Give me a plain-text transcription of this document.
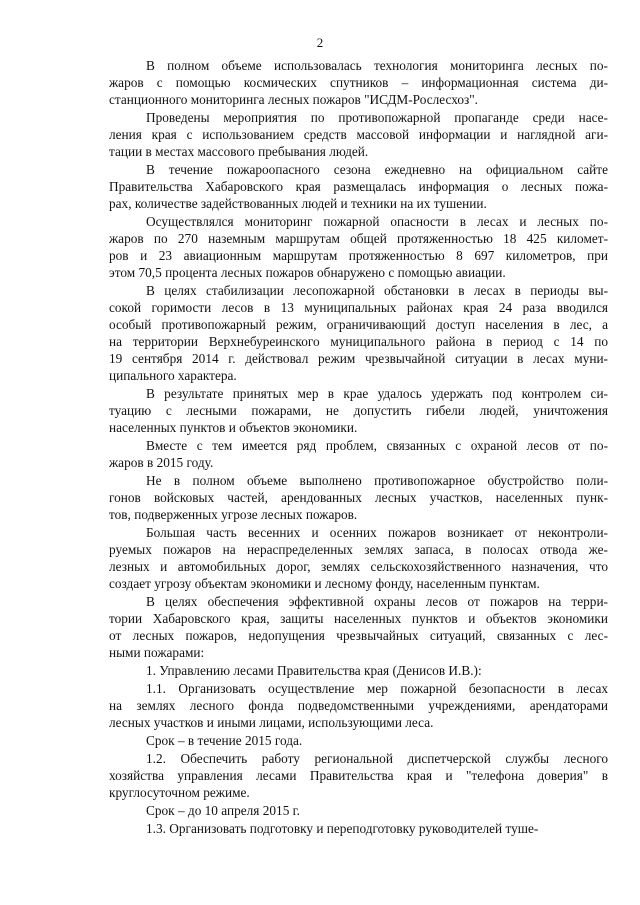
2
В полном объеме использовалась технология мониторинга лесных по-
жаров с помощью космических спутников – информационная система ди-
станционного мониторинга лесных пожаров "ИСДМ-Рослесхоз".
Проведены мероприятия по противопожарной пропаганде среди насе-
ления края с использованием средств массовой информации и наглядной аги-
тации в местах массового пребывания людей.
В течение пожароопасного сезона ежедневно на официальном сайте
Правительства Хабаровского края размещалась информация о лесных пожа-
рах, количестве задействованных людей и техники на их тушении.
Осуществлялся мониторинг пожарной опасности в лесах и лесных по-
жаров по 270 наземным маршрутам общей протяженностью 18 425 километ-
ров и 23 авиационным маршрутам протяженностью 8 697 километров, при
этом 70,5 процента лесных пожаров обнаружено с помощью авиации.
В целях стабилизации лесопожарной обстановки в лесах в периоды вы-
сокой горимости лесов в 13 муниципальных районах края 24 раза вводился
особый противопожарный режим, ограничивающий доступ населения в лес, а
на территории Верхнебуреинского муниципального района в период с 14 по
19 сентября 2014 г. действовал режим чрезвычайной ситуации в лесах муни-
ципального характера.
В результате принятых мер в крае удалось удержать под контролем си-
туацию с лесными пожарами, не допустить гибели людей, уничтожения
населенных пунктов и объектов экономики.
Вместе с тем имеется ряд проблем, связанных с охраной лесов от по-
жаров в 2015 году.
Не в полном объеме выполнено противопожарное обустройство поли-
гонов войсковых частей, арендованных лесных участков, населенных пунк-
тов, подверженных угрозе лесных пожаров.
Большая часть весенних и осенних пожаров возникает от неконтроли-
руемых пожаров на нераспределенных землях запаса, в полосах отвода же-
лезных и автомобильных дорог, землях сельскохозяйственного назначения, что
создает угрозу объектам экономики и лесному фонду, населенным пунктам.
В целях обеспечения эффективной охраны лесов от пожаров на терри-
тории Хабаровского края, защиты населенных пунктов и объектов экономики
от лесных пожаров, недопущения чрезвычайных ситуаций, связанных с лес-
ными пожарами:
1. Управлению лесами Правительства края (Денисов И.В.):
1.1. Организовать осуществление мер пожарной безопасности в лесах
на землях лесного фонда подведомственными учреждениями, арендаторами
лесных участков и иными лицами, использующими леса.
Срок – в течение 2015 года.
1.2. Обеспечить работу региональной диспетчерской службы лесного
хозяйства управления лесами Правительства края и "телефона доверия" в
круглосуточном режиме.
Срок – до 10 апреля 2015 г.
1.3. Организовать подготовку и переподготовку руководителей туше-
